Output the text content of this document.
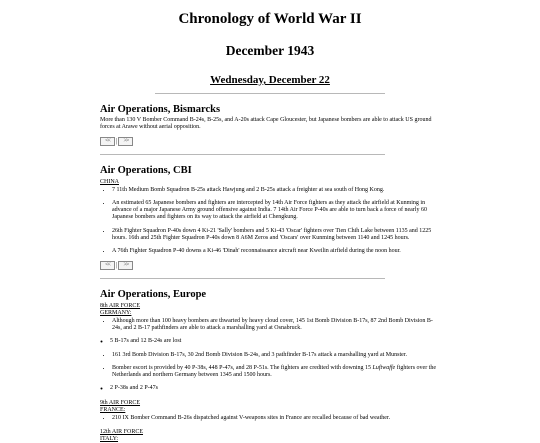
Chronology of World War II
December 1943
Wednesday, December 22
Air Operations, Bismarcks

More than 130 V Bomber Command B-24s, B-25s, and A-20s attack Cape Gloucester, but Japanese bombers are able to attack US ground forces at Arawe without aerial opposition.

<< |	>>
Air Operations, CBI
CHINA
• 7 11th Medium Bomb Squadron B-25s attack Hawjung and 2 B-25s attack a freighter at sea south of Hong Kong.
• An estimated 65 Japanese bombers and fighters are intercepted by 14th Air Force fighters as they attack the airfield at Kunming in advance of a major Japanese Army ground offensive against India. 7 14th Air Force P-40s are able to turn back a force of nearly 60 Japanese bombers and fighters on its way to attack the airfield at Chengkung.
• 26th Fighter Squadron P-40s down 4 Ki-21 'Sally' bombers and 5 Ki-43 'Oscar' fighters over Tien Chih Lake between 1135 and 1225 hours. 16th and 25th Fighter Squadron P-40s down 8 A6M Zeros and 'Oscars' over Kunming between 1140 and 1245 hours.
• A 76th Fighter Squadron P-40 downs a Ki-46 'Dinah' reconnaissance aircraft near Kweilin airfield during the noon hour.
<< |	>>
Air Operations, Europe
8th AIR FORCE
GERMANY:
• Although more than 100 heavy bombers are thwarted by heavy cloud cover, 145 1st Bomb Division B-17s, 87 2nd Bomb Division B-24s, and 2 B-17 pathfinders are able to attack a marshalling yard at Osnabruck.
◦ 5 B-17s and 12 B-24s are lost
• 161 3rd Bomb Division B-17s, 30 2nd Bomb Division B-24s, and 3 pathfinder B-17s attack a marshalling yard at Munster.
• Bomber escort is provided by 40 P-38s, 448 P-47s, and 28 P-51s. The fighters are credited with downing 15 Luftwaffe fighters over the Netherlands and northern Germany between 1345 and 1500 hours.
◦ 2 P-38s and 2 P-47s
9th AIR FORCE
FRANCE:
• 210 IX Bomber Command B-26s dispatched against V-weapons sites in France are recalled because of bad weather.
12th AIR FORCE
ITALY:
